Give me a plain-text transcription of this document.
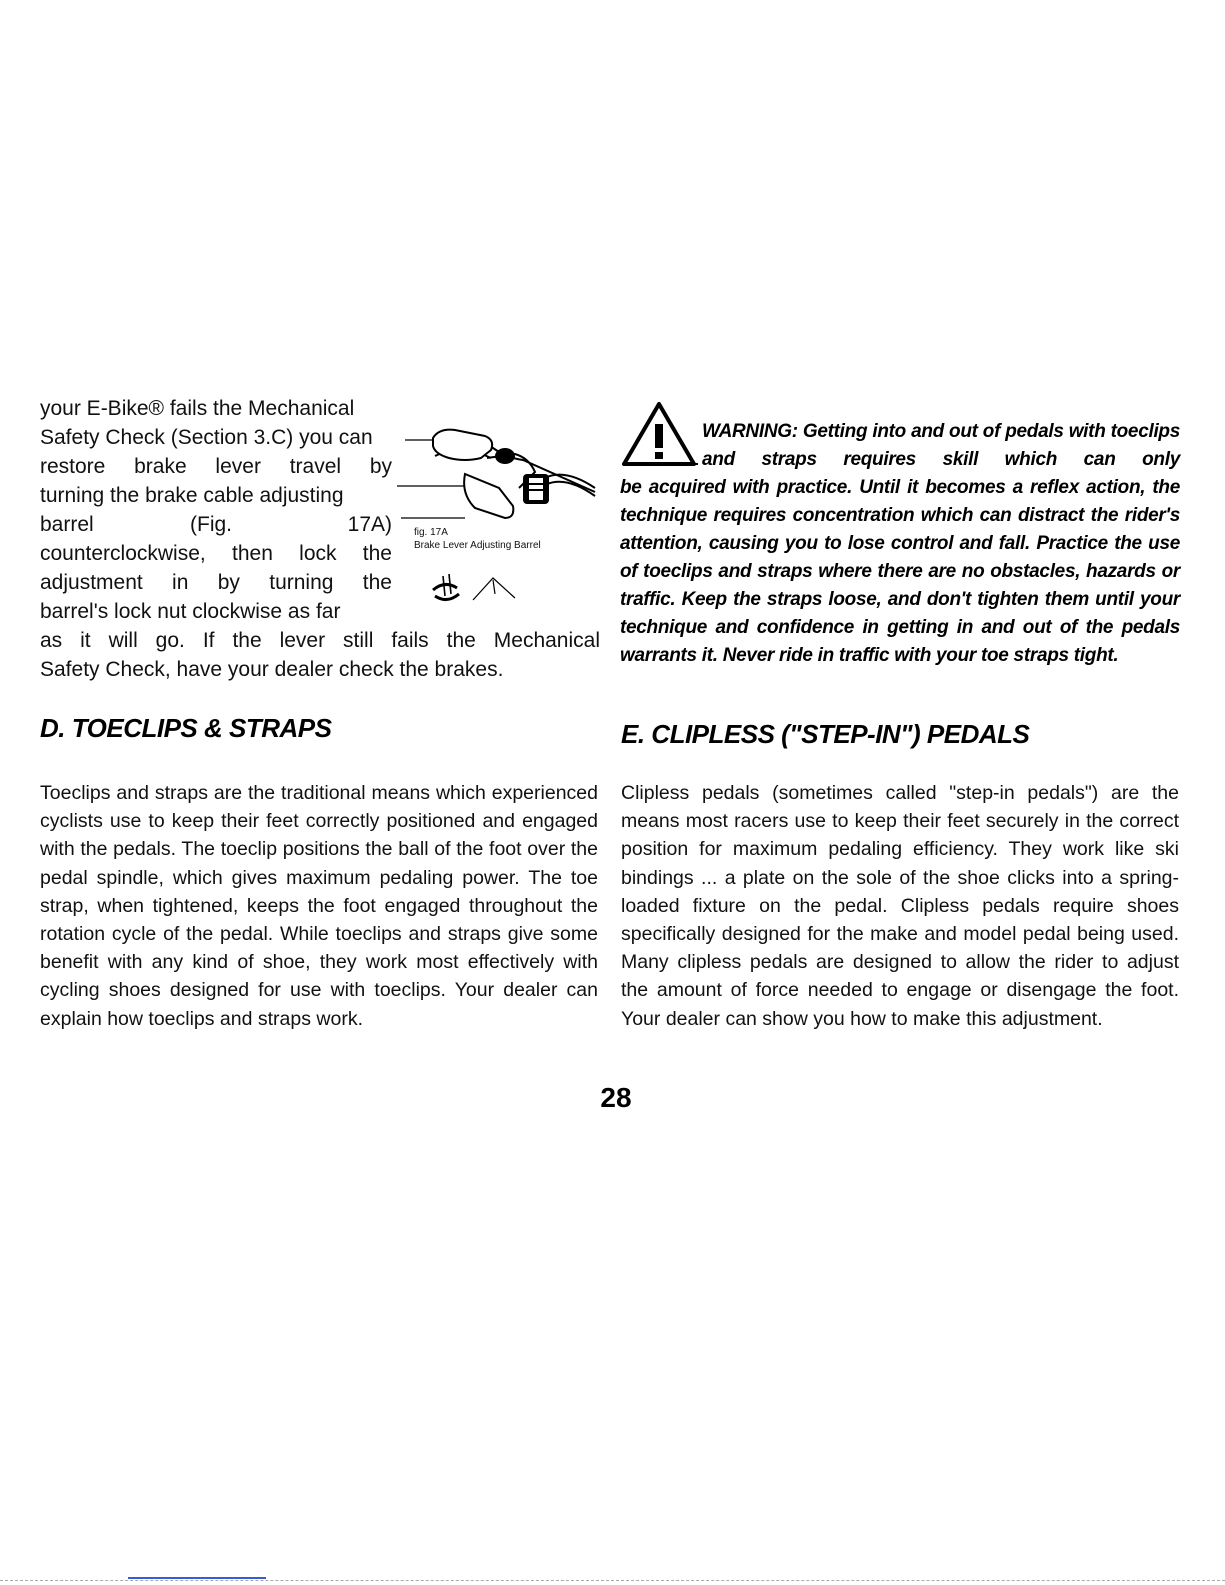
your E-Bike® fails the Mechanical
Safety Check (Section 3.C) you can
restore brake lever travel by
turning the brake cable adjusting
barrel	(Fig.	17A)
counterclockwise, then lock the
adjustment in by turning the
barrel's lock nut clockwise as far
as it will go. If the lever still fails the Mechanical
Safety Check, have your dealer check the brakes.
fig. 17A
Brake Lever Adjusting Barrel
WARNING: Getting into and out of pedals with toeclips and straps requires skill which can only
be acquired with practice. Until it becomes a reflex action, the technique requires concentration which can distract the rider's attention, causing you to lose control and fall. Practice the use of toeclips and straps where there are no obstacles, hazards or traffic. Keep the straps loose, and don't tighten them until your technique and confidence in getting in and out of the pedals warrants it. Never ride in traffic with your toe straps tight.
D. TOECLIPS & STRAPS
Toeclips and straps are the traditional means which experienced cyclists use to keep their feet correctly positioned and engaged with the pedals. The toeclip positions the ball of the foot over the pedal spindle, which gives maximum pedaling power. The toe strap, when tightened, keeps the foot engaged throughout the rotation cycle of the pedal. While toeclips and straps give some benefit with any kind of shoe, they work most effectively with cycling shoes designed for use with toeclips. Your dealer can explain how toeclips and straps work.
E. CLIPLESS ("STEP-IN") PEDALS
Clipless pedals (sometimes called "step-in pedals") are the means most racers use to keep their feet securely in the correct position for maximum pedaling efficiency. They work like ski bindings ... a plate on the sole of the shoe clicks into a spring-loaded fixture on the pedal. Clipless pedals require shoes specifically designed for the make and model pedal being used. Many clipless pedals are designed to allow the rider to adjust the amount of force needed to engage or disengage the foot. Your dealer can show you how to make this adjustment.
28
